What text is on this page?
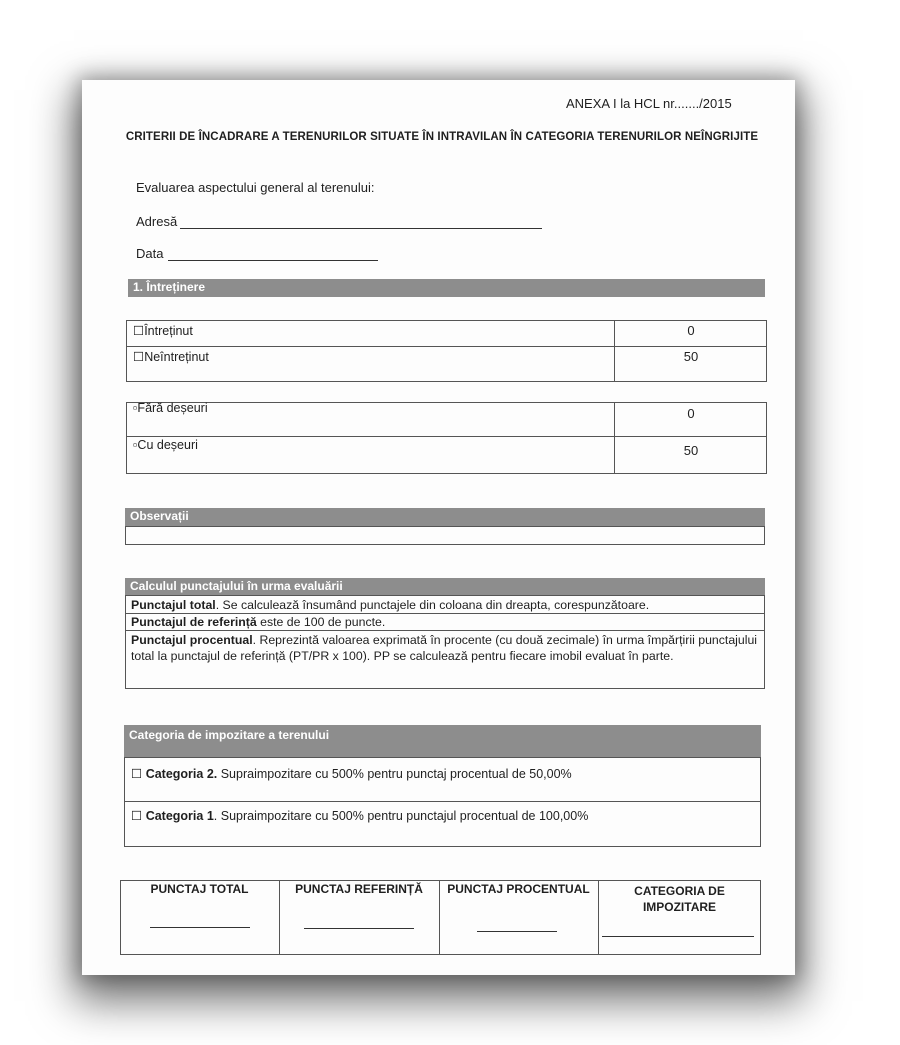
ANEXA I la HCL nr......./2015
CRITERII DE ÎNCADRARE A TERENURILOR SITUATE ÎN INTRAVILAN ÎN CATEGORIA TERENURILOR NEÎNGRIJITE
Evaluarea aspectului general al terenului:
Adresă
Data
1. Întreținere
☐Întreținut	0
☐Neîntreținut	50
▫Fără deșeuri	0
▫Cu deșeuri	50
Observații
Calculul punctajului în urma evaluării
Punctajul total. Se calculează însumând punctajele din coloana din dreapta, corespunzătoare.
Punctajul de referință este de 100 de puncte.
Punctajul procentual. Reprezintă valoarea exprimată în procente (cu două zecimale) în urma împărțirii punctajului total la punctajul de referință (PT/PR x 100). PP se calculează pentru fiecare imobil evaluat în parte.
Categoria de impozitare a terenului
☐ Categoria 2. Supraimpozitare cu 500% pentru punctaj procentual de 50,00%
☐ Categoria 1. Supraimpozitare cu 500% pentru punctajul procentual de 100,00%
PUNCTAJ TOTAL	PUNCTAJ REFERINȚĂ	PUNCTAJ PROCENTUAL	CATEGORIA DE IMPOZITARE
